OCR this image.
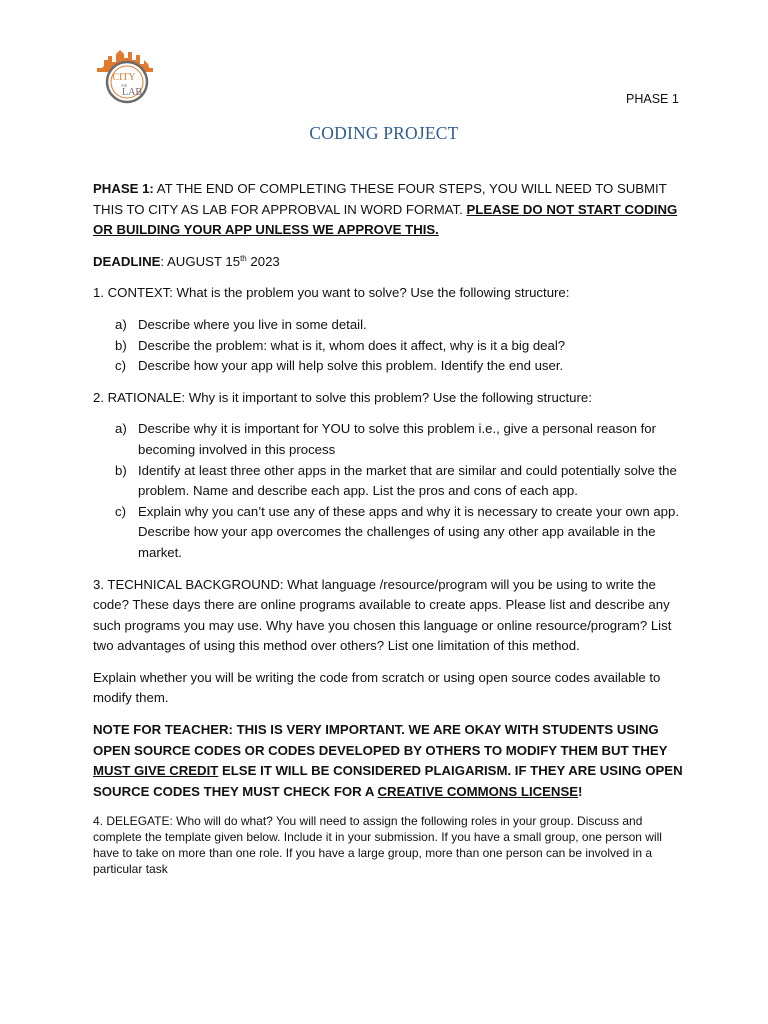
CITY
AS
LAB	PHASE 1
CODING PROJECT

PHASE 1: AT THE END OF COMPLETING THESE FOUR STEPS, YOU WILL NEED TO SUBMIT THIS TO CITY AS LAB FOR APPROBVAL IN WORD FORMAT. PLEASE DO NOT START CODING OR BUILDING YOUR APP UNLESS WE APPROVE THIS.

DEADLINE: AUGUST 15th 2023

1. CONTEXT: What is the problem you want to solve? Use the following structure:

a) Describe where you live in some detail.
b) Describe the problem: what is it, whom does it affect, why is it a big deal?
c) Describe how your app will help solve this problem. Identify the end user.

2. RATIONALE: Why is it important to solve this problem? Use the following structure:

a) Describe why it is important for YOU to solve this problem i.e., give a personal reason for becoming involved in this process
b) Identify at least three other apps in the market that are similar and could potentially solve the problem. Name and describe each app. List the pros and cons of each app.
c) Explain why you can’t use any of these apps and why it is necessary to create your own app. Describe how your app overcomes the challenges of using any other app available in the market.

3. TECHNICAL BACKGROUND: What language /resource/program will you be using to write the code? These days there are online programs available to create apps. Please list and describe any such programs you may use. Why have you chosen this language or online resource/program? List two advantages of using this method over others? List one limitation of this method.

Explain whether you will be writing the code from scratch or using open source codes available to modify them.

NOTE FOR TEACHER: THIS IS VERY IMPORTANT. WE ARE OKAY WITH STUDENTS USING OPEN SOURCE CODES OR CODES DEVELOPED BY OTHERS TO MODIFY THEM BUT THEY MUST GIVE CREDIT ELSE IT WILL BE CONSIDERED PLAIGARISM. IF THEY ARE USING OPEN SOURCE CODES THEY MUST CHECK FOR A CREATIVE COMMONS LICENSE!

4. DELEGATE: Who will do what? You will need to assign the following roles in your group. Discuss and complete the template given below. Include it in your submission. If you have a small group, one person will have to take on more than one role. If you have a large group, more than one person can be involved in a particular task
